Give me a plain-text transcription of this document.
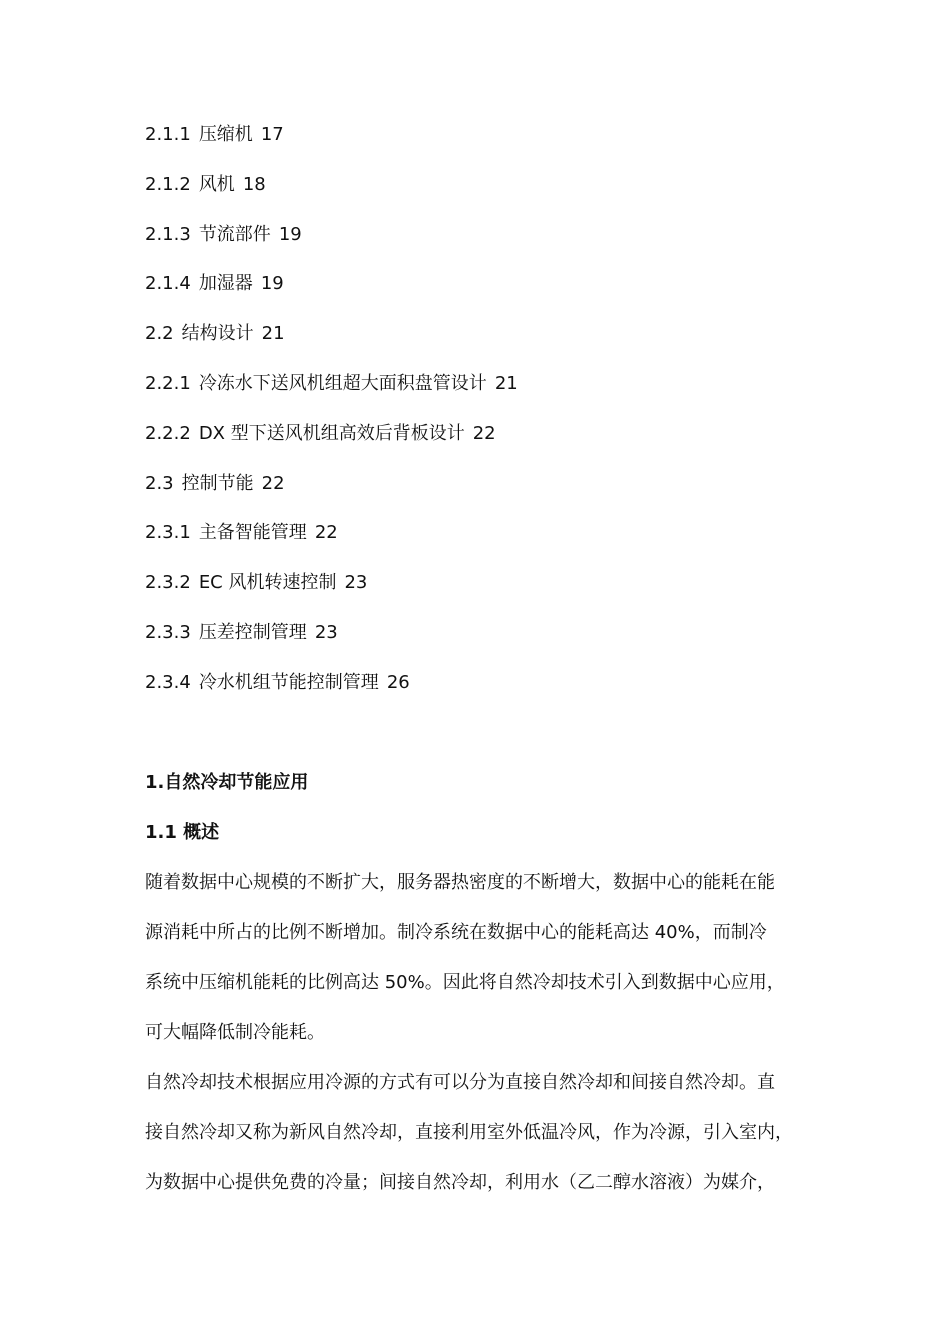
2.1.1 压缩机 17
2.1.2 风机 18
2.1.3 节流部件 19
2.1.4 加湿器 19
2.2 结构设计 21
2.2.1 冷冻水下送风机组超大面积盘管设计 21
2.2.2 DX 型下送风机组高效后背板设计 22
2.3 控制节能 22
2.3.1 主备智能管理 22
2.3.2 EC 风机转速控制 23
2.3.3 压差控制管理 23
2.3.4 冷水机组节能控制管理 26
1.自然冷却节能应用
1.1 概述
随着数据中心规模的不断扩大，服务器热密度的不断增大，数据中心的能耗在能
源消耗中所占的比例不断增加。制冷系统在数据中心的能耗高达 40%，而制冷
系统中压缩机能耗的比例高达 50%。因此将自然冷却技术引入到数据中心应用，
可大幅降低制冷能耗。
自然冷却技术根据应用冷源的方式有可以分为直接自然冷却和间接自然冷却。直
接自然冷却又称为新风自然冷却，直接利用室外低温冷风，作为冷源，引入室内，
为数据中心提供免费的冷量；间接自然冷却，利用水（乙二醇水溶液）为媒介，
